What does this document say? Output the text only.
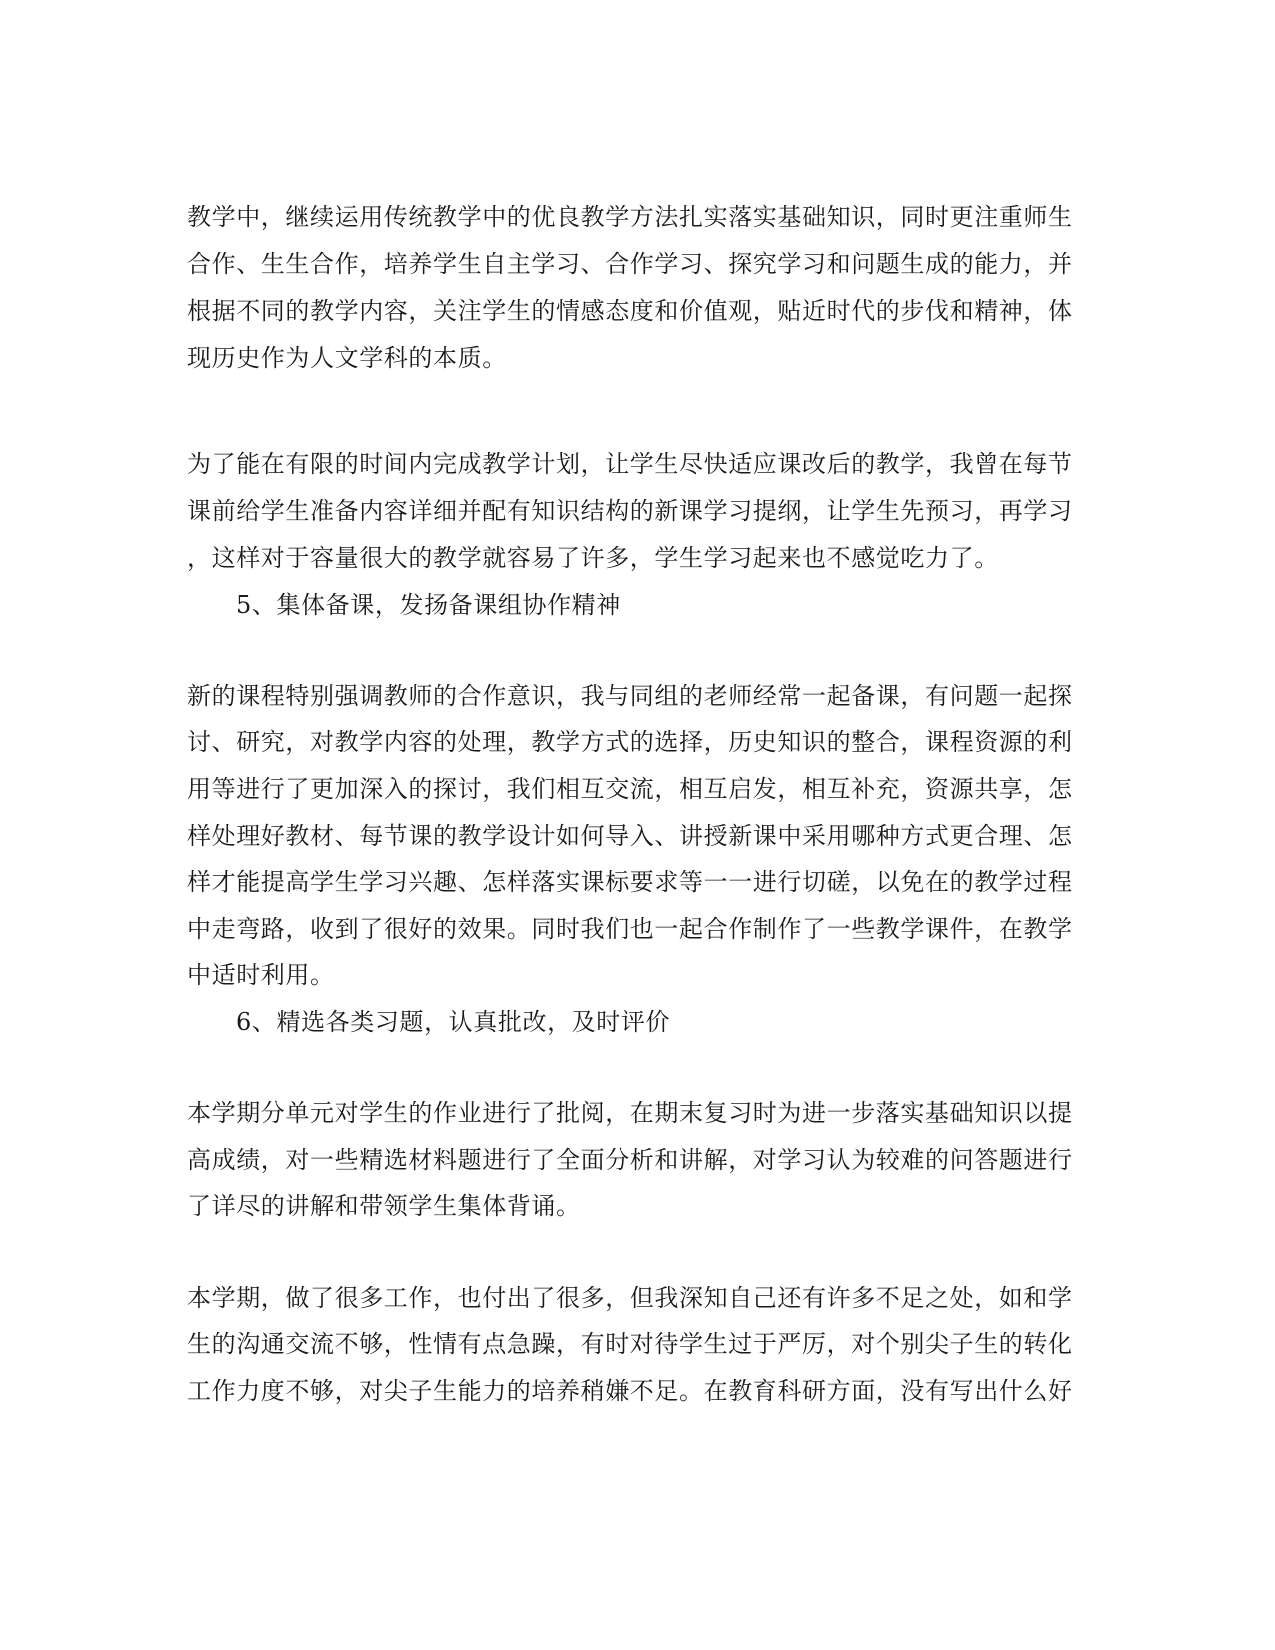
教学中，继续运用传统教学中的优良教学方法扎实落实基础知识，同时更注重师生
合作、生生合作，培养学生自主学习、合作学习、探究学习和问题生成的能力，并
根据不同的教学内容，关注学生的情感态度和价值观，贴近时代的步伐和精神，体
现历史作为人文学科的本质。
为了能在有限的时间内完成教学计划，让学生尽快适应课改后的教学，我曾在每节
课前给学生准备内容详细并配有知识结构的新课学习提纲，让学生先预习，再学习
，这样对于容量很大的教学就容易了许多，学生学习起来也不感觉吃力了。
5、集体备课，发扬备课组协作精神
新的课程特别强调教师的合作意识，我与同组的老师经常一起备课，有问题一起探
讨、研究，对教学内容的处理，教学方式的选择，历史知识的整合，课程资源的利
用等进行了更加深入的探讨，我们相互交流，相互启发，相互补充，资源共享，怎
样处理好教材、每节课的教学设计如何导入、讲授新课中采用哪种方式更合理、怎
样才能提高学生学习兴趣、怎样落实课标要求等一一进行切磋，以免在的教学过程
中走弯路，收到了很好的效果。同时我们也一起合作制作了一些教学课件，在教学
中适时利用。
6、精选各类习题，认真批改，及时评价
本学期分单元对学生的作业进行了批阅，在期末复习时为进一步落实基础知识以提
高成绩，对一些精选材料题进行了全面分析和讲解，对学习认为较难的问答题进行
了详尽的讲解和带领学生集体背诵。
本学期，做了很多工作，也付出了很多，但我深知自己还有许多不足之处，如和学
生的沟通交流不够，性情有点急躁，有时对待学生过于严厉，对个别尖子生的转化
工作力度不够，对尖子生能力的培养稍嫌不足。在教育科研方面，没有写出什么好
